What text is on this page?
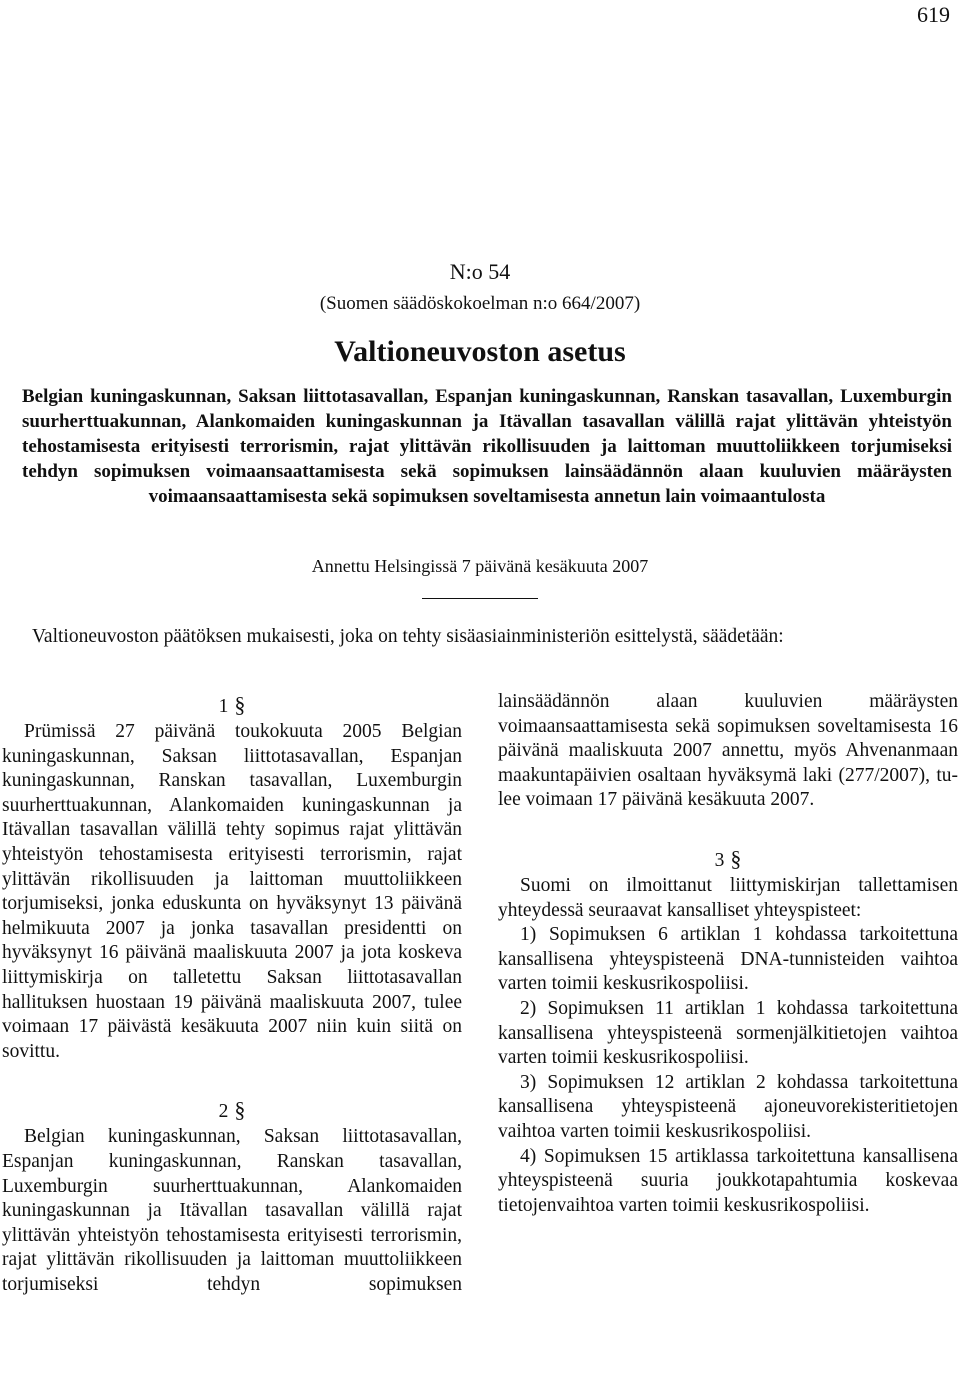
619
N:o 54
(Suomen säädöskokoelman n:o 664/2007)
Valtioneuvoston asetus
Belgian kuningaskunnan, Saksan liittotasavallan, Espanjan kuningaskunnan, Ranskan tasavallan, Luxemburgin suurherttuakunnan, Alankomaiden kuningaskunnan ja Itävallan tasavallan välillä rajat ylittävän yhteistyön tehostamisesta erityisesti terrorismin, rajat ylittävän rikollisuuden ja laittoman muuttoliikkeen torjumiseksi tehdyn sopimuksen voimaansaattamisesta sekä sopimuksen lainsäädännön alaan kuuluvien määräysten voimaansaattamisesta sekä sopimuksen soveltamisesta annetun lain voimaantulosta
Annettu Helsingissä 7 päivänä kesäkuuta 2007
Valtioneuvoston päätöksen mukaisesti, joka on tehty sisäasiainministeriön esittelystä, säädetään:
1 §

Prümissä 27 päivänä toukokuuta 2005 Belgian kuningaskunnan, Saksan liittotasavallan, Espanjan kuningaskunnan, Ranskan tasavallan, Luxemburgin suurherttuakunnan, Alankomaiden kuningaskunnan ja Itävallan tasavallan välillä tehty sopimus rajat ylittävän yhteistyön tehostamisesta erityisesti terrorismin, rajat ylittävän rikollisuuden ja laittoman muuttoliikkeen torjumiseksi, jonka eduskunta on hyväksynyt 13 päivänä helmikuuta 2007 ja jonka tasavallan presidentti on hyväksynyt 16 päivänä maaliskuuta 2007 ja jota koskeva liittymiskirja on talletettu Saksan liittotasavallan hallituksen huostaan 19 päivänä maaliskuuta 2007, tulee voimaan 17 päivästä kesäkuuta 2007 niin kuin siitä on sovittu.

2 §

Belgian kuningaskunnan, Saksan liittotasavallan, Espanjan kuningaskunnan, Ranskan tasavallan, Luxemburgin suurherttuakunnan, Alankomaiden kuningaskunnan ja Itävallan tasavallan välillä rajat ylittävän yhteistyön tehostamisesta erityisesti terrorismin, rajat ylittävän rikollisuuden ja laittoman muuttoliikkeen torjumiseksi tehdyn sopimuksen

lainsäädännön alaan kuuluvien määräysten voimaansaattamisesta sekä sopimuksen soveltamisesta 16 päivänä maaliskuuta 2007 annettu, myös Ahvenanmaan maakuntapäivien osaltaan hyväksymä laki (277/2007), tulee voimaan 17 päivänä kesäkuuta 2007.

3 §

Suomi on ilmoittanut liittymiskirjan tallettamisen yhteydessä seuraavat kansalliset yhteyspisteet:

1) Sopimuksen 6 artiklan 1 kohdassa tarkoitettuna kansallisena yhteyspisteenä DNA-tunnisteiden vaihtoa varten toimii keskusrikospoliisi.

2) Sopimuksen 11 artiklan 1 kohdassa tarkoitettuna kansallisena yhteyspisteenä sormenjälkitietojen vaihtoa varten toimii keskusrikospoliisi.

3) Sopimuksen 12 artiklan 2 kohdassa tarkoitettuna kansallisena yhteyspisteenä ajoneuvorekisteritietojen vaihtoa varten toimii keskusrikospoliisi.

4) Sopimuksen 15 artiklassa tarkoitettuna kansallisena yhteyspisteenä suuria joukkotapahtumia koskevaa tietojenvaihtoa varten toimii keskusrikospoliisi.
